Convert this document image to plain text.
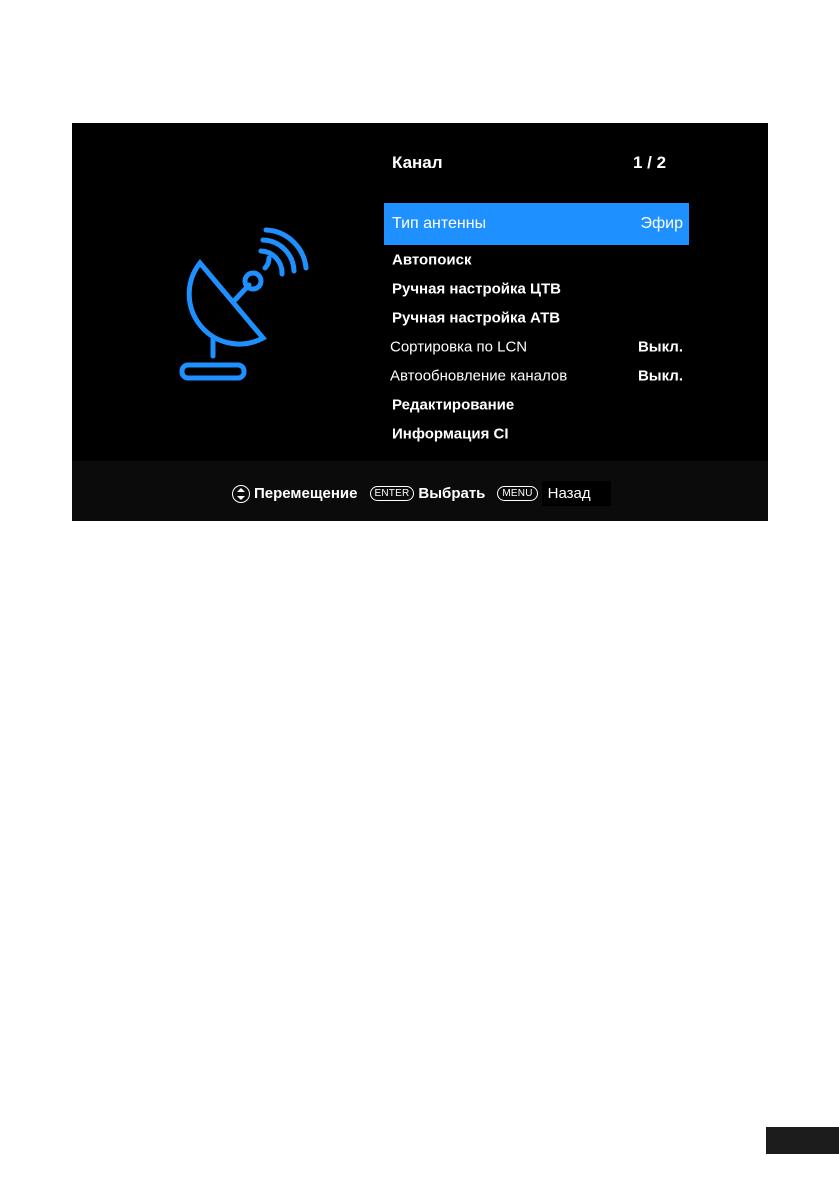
Канал	1 / 2
Тип антенны	Эфир
Автопоиск
Ручная настройка ЦТВ
Ручная настройка АТВ
Сортировка по LCN	Выкл.
Автообновление каналов	Выкл.
Редактирование
Информация CI
Перемещение	ENTER Выбрать	MENU	Назад
